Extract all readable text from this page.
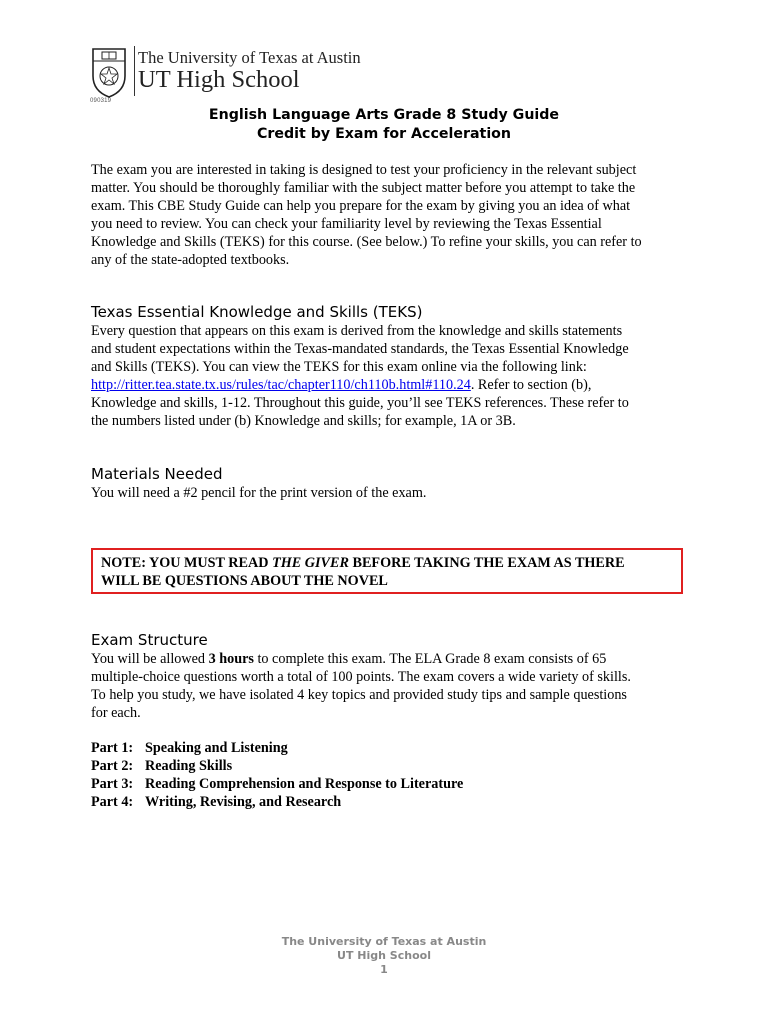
090319
The University of Texas at Austin
UT High School
English Language Arts Grade 8 Study Guide
Credit by Exam for Acceleration
The exam you are interested in taking is designed to test your proficiency in the relevant subject
matter. You should be thoroughly familiar with the subject matter before you attempt to take the
exam. This CBE Study Guide can help you prepare for the exam by giving you an idea of what
you need to review. You can check your familiarity level by reviewing the Texas Essential
Knowledge and Skills (TEKS) for this course. (See below.) To refine your skills, you can refer to
any of the state-adopted textbooks.
Texas Essential Knowledge and Skills (TEKS)
Every question that appears on this exam is derived from the knowledge and skills statements
and student expectations within the Texas-mandated standards, the Texas Essential Knowledge
and Skills (TEKS). You can view the TEKS for this exam online via the following link:
http://ritter.tea.state.tx.us/rules/tac/chapter110/ch110b.html#110.24. Refer to section (b),
Knowledge and skills, 1-12. Throughout this guide, you’ll see TEKS references. These refer to
the numbers listed under (b) Knowledge and skills; for example, 1A or 3B.
Materials Needed
You will need a #2 pencil for the print version of the exam.
NOTE: YOU MUST READ THE GIVER BEFORE TAKING THE EXAM AS THERE
WILL BE QUESTIONS ABOUT THE NOVEL
Exam Structure
You will be allowed 3 hours to complete this exam. The ELA Grade 8 exam consists of 65
multiple-choice questions worth a total of 100 points. The exam covers a wide variety of skills.
To help you study, we have isolated 4 key topics and provided study tips and sample questions
for each.
Part 1: Speaking and Listening
Part 2: Reading Skills
Part 3: Reading Comprehension and Response to Literature
Part 4: Writing, Revising, and Research
The University of Texas at Austin
UT High School
1
